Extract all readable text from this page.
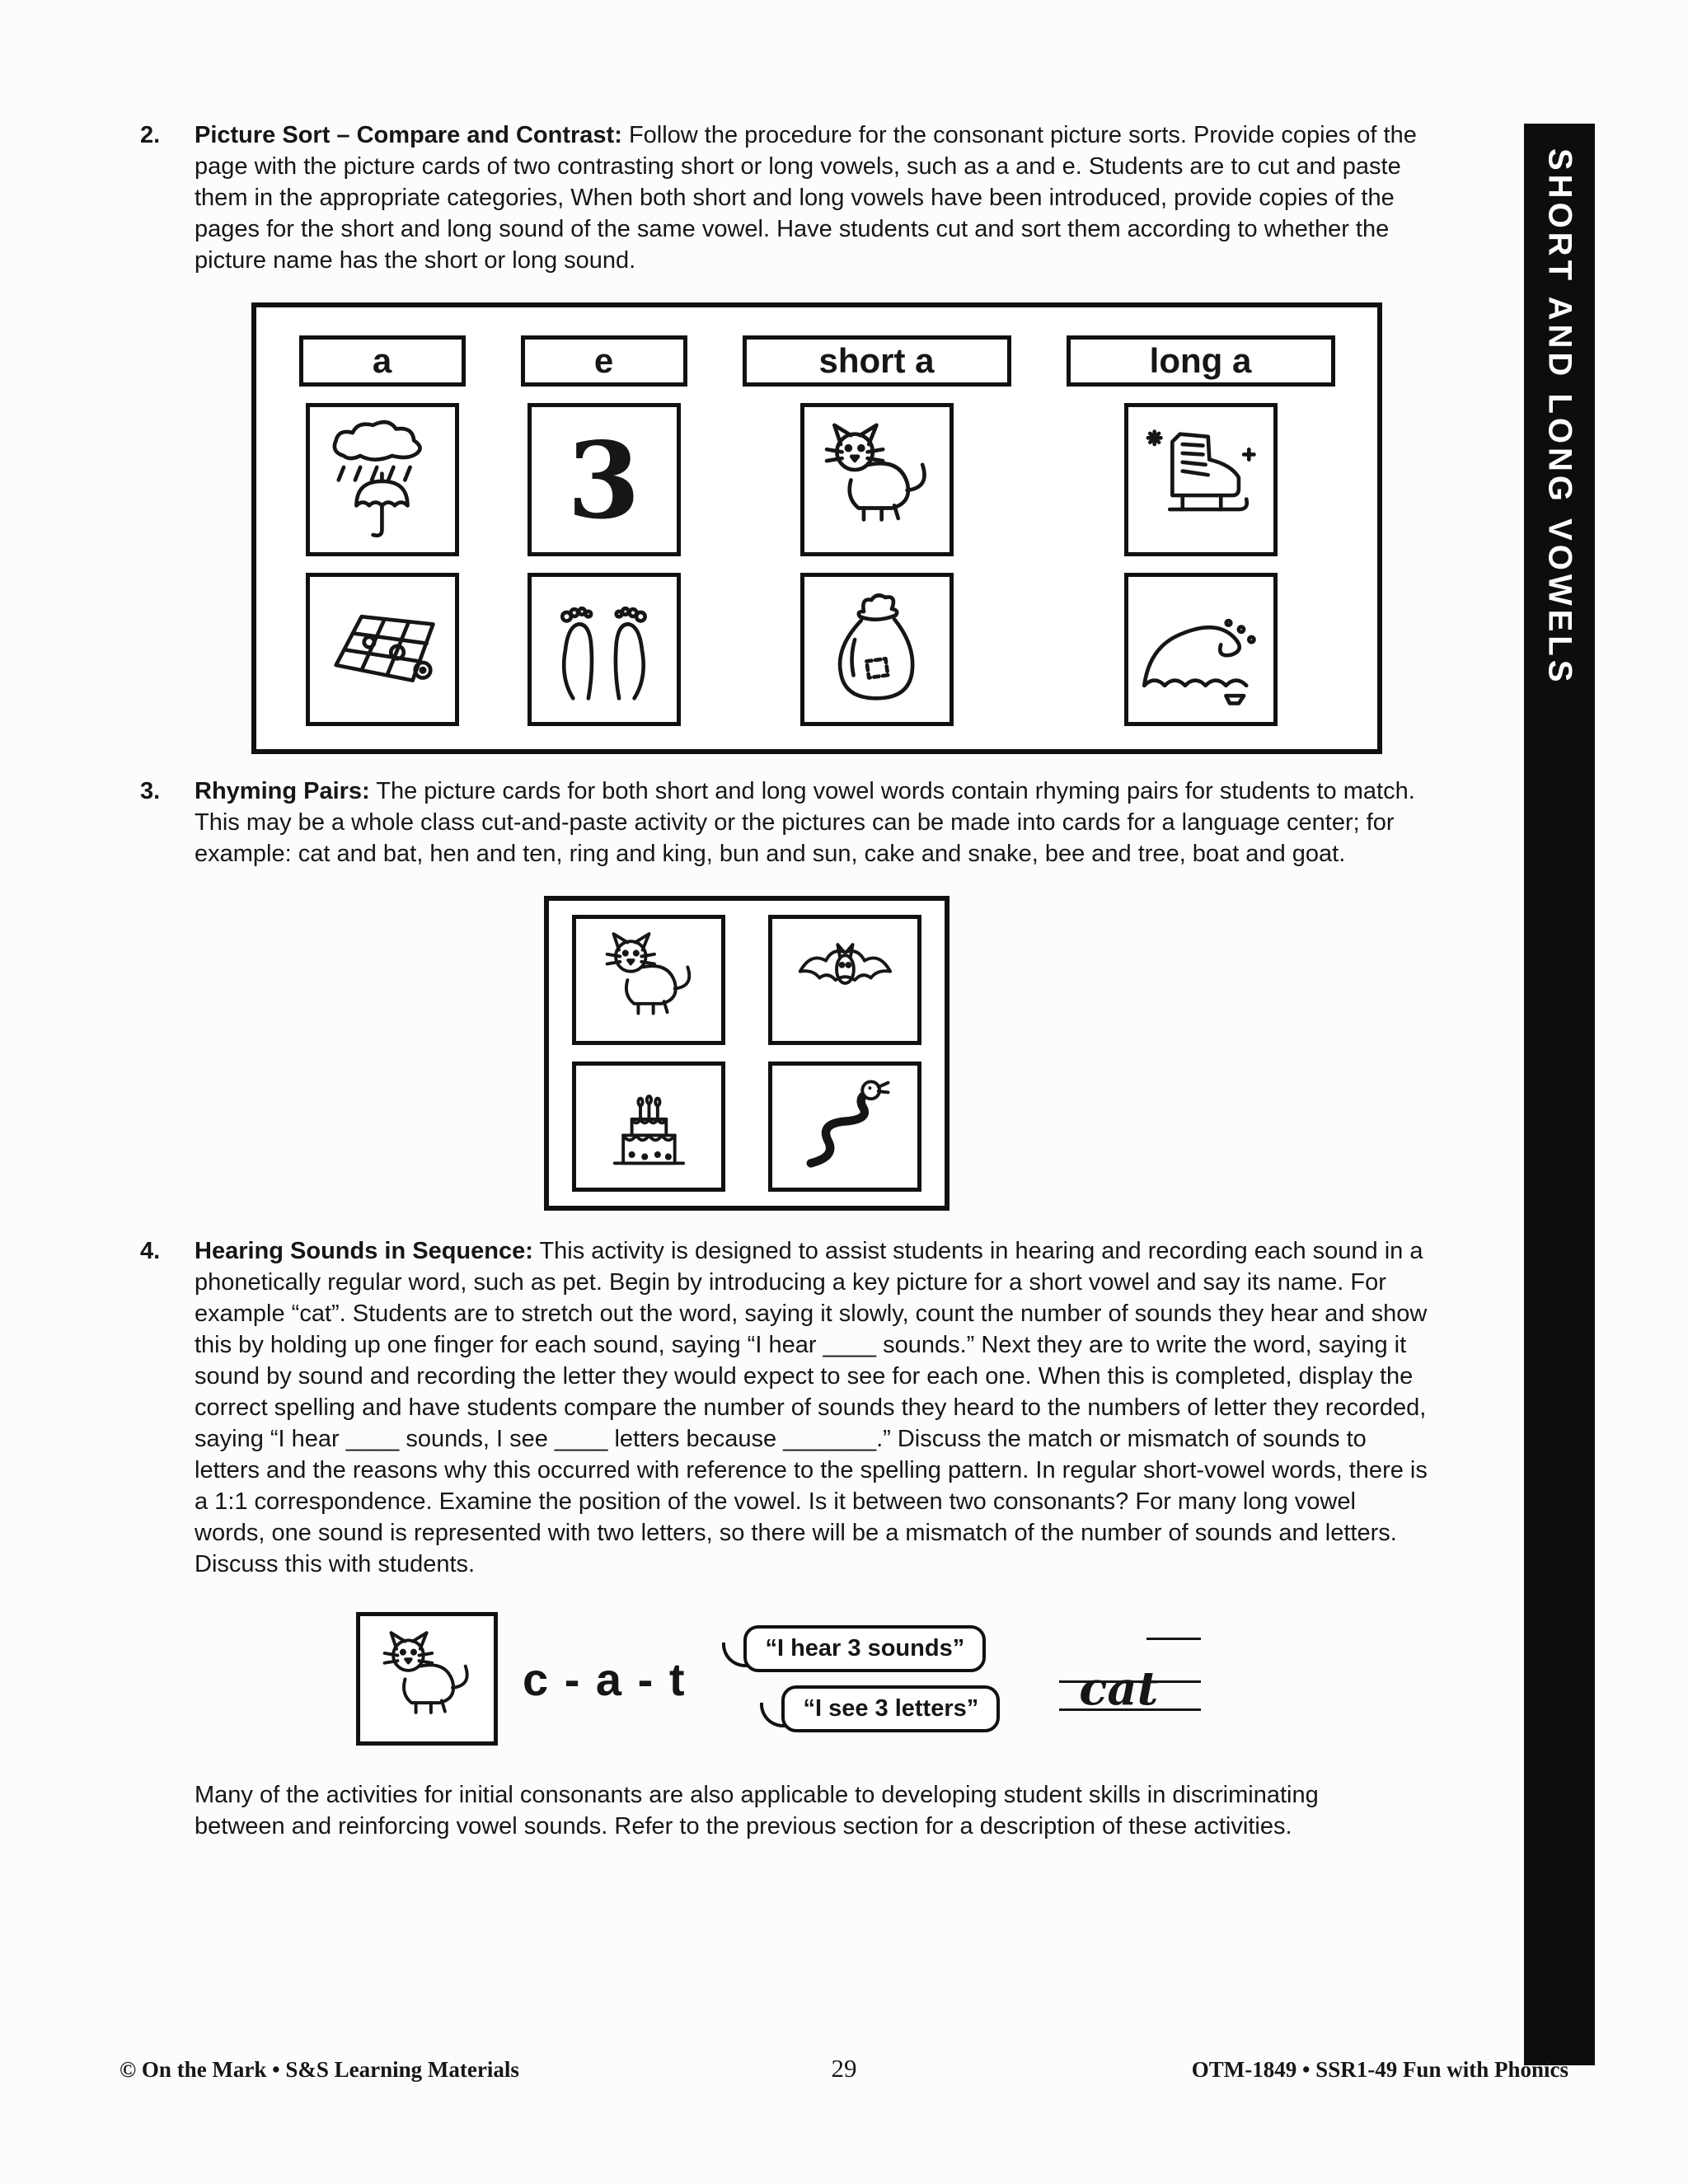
SHORT AND LONG VOWELS
2.	Picture Sort – Compare and Contrast: Follow the procedure for the consonant picture sorts. Provide copies of the page with the picture cards of two contrasting short or long vowels, such as a and e. Students are to cut and paste them in the appropriate categories, When both short and long vowels have been introduced, provide copies of the pages for the short and long sound of the same vowel. Have students cut and sort them according to whether the picture name has the short or long sound.

a	e
3
short a	long a
3.	Rhyming Pairs: The picture cards for both short and long vowel words contain rhyming pairs for students to match. This may be a whole class cut-and-paste activity or the pictures can be made into cards for a language center; for example: cat and bat, hen and ten, ring and king, bun and sun, cake and snake, bee and tree, boat and goat.

4.	Hearing Sounds in Sequence: This activity is designed to assist students in hearing and recording each sound in a phonetically regular word, such as pet. Begin by introducing a key picture for a short vowel and say its name. For example “cat”. Students are to stretch out the word, saying it slowly, count the number of sounds they hear and show this by holding up one finger for each sound, saying “I hear ____ sounds.” Next they are to write the word, saying it sound by sound and recording the letter they would expect to see for each one. When this is completed, display the correct spelling and have students compare the number of sounds they heard to the numbers of letter they recorded, saying “I hear ____ sounds, I see ____ letters because _______.” Discuss the match or mismatch of sounds to letters and the reasons why this occurred with reference to the spelling pattern. In regular short-vowel words, there is a 1:1 correspondence. Examine the position of the vowel. Is it between two consonants? For many long vowel words, one sound is represented with two letters, so there will be a mismatch of the number of sounds and letters. Discuss this with students.

c - a - t
“I hear 3 sounds”
“I see 3 letters”	cat

Many of the activities for initial consonants are also applicable to developing student skills in discriminating between and reinforcing vowel sounds. Refer to the previous section for a description of these activities.

© On the Mark • S&S Learning Materials	29	OTM-1849 • SSR1-49 Fun with Phonics
